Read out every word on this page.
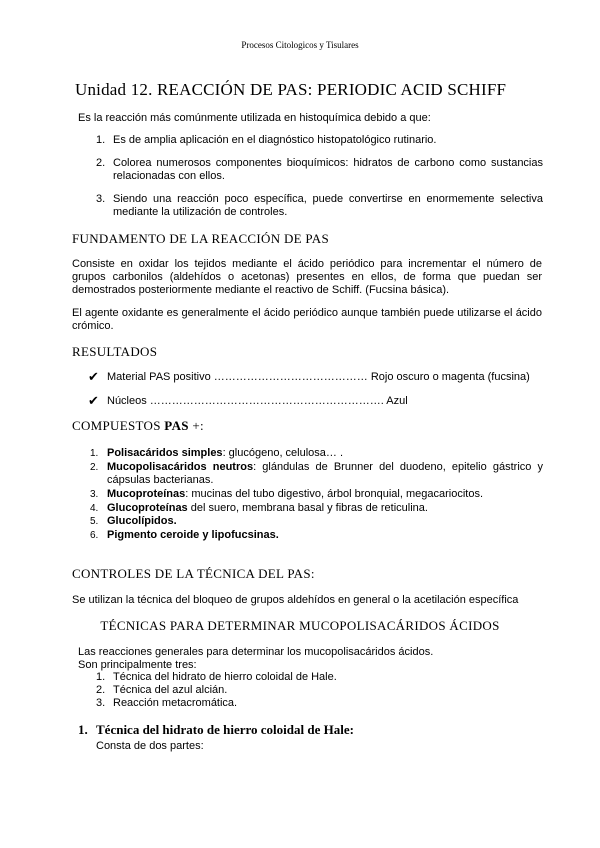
Procesos Citologicos y Tisulares
Unidad 12. REACCIÓN DE PAS: PERIODIC ACID SCHIFF
Es la reacción más comúnmente utilizada en histoquímica debido a que:
1. Es de amplia aplicación en el diagnóstico histopatológico rutinario.
2. Colorea numerosos componentes bioquímicos: hidratos de carbono como sustancias relacionadas con ellos.
3. Siendo una reacción poco específica, puede convertirse en enormemente selectiva mediante la utilización de controles.
FUNDAMENTO DE LA REACCIÓN DE PAS
Consiste en oxidar los tejidos mediante el ácido periódico para incrementar el número de grupos carbonilos (aldehídos o acetonas) presentes en ellos, de forma que puedan ser demostrados posteriormente mediante el reactivo de Schiff. (Fucsina básica).
El agente oxidante es generalmente el ácido periódico aunque también puede utilizarse el ácido crómico.
RESULTADOS
✔ Material PAS positivo …………………………………… Rojo oscuro o magenta (fucsina)
✔ Núcleos ………………………………………………………. Azul
COMPUESTOS PAS +:
1. Polisacáridos simples: glucógeno, celulosa… .
2. Mucopolisacáridos neutros: glándulas de Brunner del duodeno, epitelio gástrico y cápsulas bacterianas.
3. Mucoproteínas: mucinas del tubo digestivo, árbol bronquial, megacariocitos.
4. Glucoproteínas del suero, membrana basal y fibras de reticulina.
5. Glucolípidos.
6. Pigmento ceroide y lipofucsinas.
CONTROLES DE LA TÉCNICA DEL PAS:
Se utilizan la técnica del bloqueo de grupos aldehídos en general o la acetilación específica
TÉCNICAS PARA DETERMINAR MUCOPOLISACÁRIDOS ÁCIDOS
Las reacciones generales para determinar los mucopolisacáridos ácidos.
Son principalmente tres:
1. Técnica del hidrato de hierro coloidal de Hale.
2. Técnica del azul alcián.
3. Reacción metacromática.
1. Técnica del hidrato de hierro coloidal de Hale:
Consta de dos partes:
